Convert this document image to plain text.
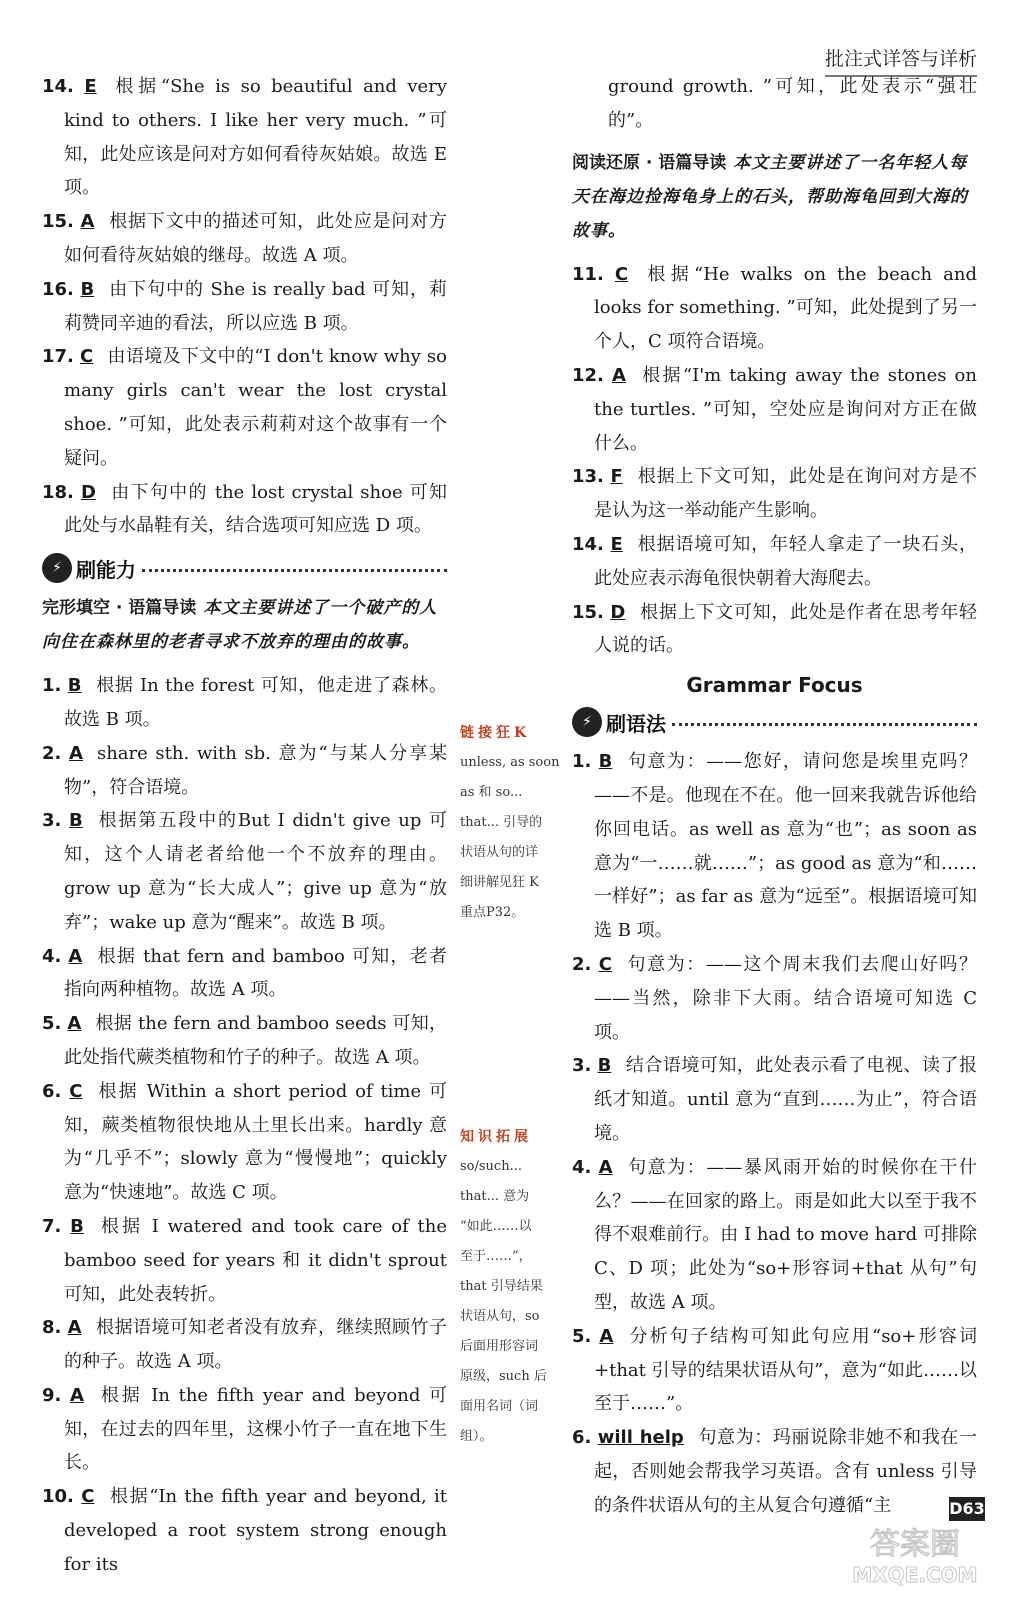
批注式详答与详析

14. E 根据“She is so beautiful and very kind to others. I like her very much. ”可知，此处应该是问对方如何看待灰姑娘。故选 E 项。

15. A 根据下文中的描述可知，此处应是问对方如何看待灰姑娘的继母。故选 A 项。

16. B 由下句中的 She is really bad 可知，莉莉赞同辛迪的看法，所以应选 B 项。

17. C 由语境及下文中的“I don't know why so many girls can't wear the lost crystal shoe. ”可知，此处表示莉莉对这个故事有一个疑问。

18. D 由下句中的 the lost crystal shoe 可知此处与水晶鞋有关，结合选项可知应选 D 项。

⚡ 刷能力

完形填空 · 语篇导读 本文主要讲述了一个破产的人向住在森林里的老者寻求不放弃的理由的故事。

1. B 根据 In the forest 可知，他走进了森林。故选 B 项。

2. A share sth. with sb. 意为“与某人分享某物”，符合语境。

3. B 根据第五段中的But I didn't give up 可知，这个人请老者给他一个不放弃的理由。grow up 意为“长大成人”；give up 意为“放弃”；wake up 意为“醒来”。故选 B 项。

4. A 根据 that fern and bamboo 可知，老者指向两种植物。故选 A 项。

5. A 根据 the fern and bamboo seeds 可知，此处指代蕨类植物和竹子的种子。故选 A 项。

6. C 根据 Within a short period of time 可知，蕨类植物很快地从土里长出来。hardly 意为“几乎不”；slowly 意为“慢慢地”；quickly 意为“快速地”。故选 C 项。

7. B 根据 I watered and took care of the bamboo seed for years 和 it didn't sprout 可知，此处表转折。

8. A 根据语境可知老者没有放弃，继续照顾竹子的种子。故选 A 项。

9. A 根据 In the fifth year and beyond 可知，在过去的四年里，这棵小竹子一直在地下生长。

10. C 根据“In the fifth year and beyond, it developed a root system strong enough for its

链接狂K
unless, as soon
as 和 so...
that... 引导的
状语从句的详
细讲解见狂 K
重点P32。
知识拓展
so/such...
that... 意为
“如此……以
至于……”，
that 引导结果
状语从句，so
后面用形容词
原级，such 后
面用名词（词
组）。

ground growth. ”可知，此处表示“强壮的”。

阅读还原 · 语篇导读 本文主要讲述了一名年轻人每天在海边捡海龟身上的石头，帮助海龟回到大海的故事。

11. C 根据“He walks on the beach and looks for something. ”可知，此处提到了另一个人，C 项符合语境。

12. A 根据“I'm taking away the stones on the turtles. ”可知，空处应是询问对方正在做什么。

13. F 根据上下文可知，此处是在询问对方是不是认为这一举动能产生影响。

14. E 根据语境可知，年轻人拿走了一块石头，此处应表示海龟很快朝着大海爬去。

15. D 根据上下文可知，此处是作者在思考年轻人说的话。

Grammar Focus
⚡ 刷语法

1. B 句意为：——您好，请问您是埃里克吗？——不是。他现在不在。他一回来我就告诉他给你回电话。as well as 意为“也”；as soon as 意为“一……就……”；as good as 意为“和……一样好”；as far as 意为“远至”。根据语境可知选 B 项。

2. C 句意为：——这个周末我们去爬山好吗？——当然，除非下大雨。结合语境可知选 C 项。

3. B 结合语境可知，此处表示看了电视、读了报纸才知道。until 意为“直到……为止”，符合语境。

4. A 句意为：——暴风雨开始的时候你在干什么？——在回家的路上。雨是如此大以至于我不得不艰难前行。由 I had to move hard 可排除 C、D 项；此处为“so+形容词+that 从句”句型，故选 A 项。

5. A 分析句子结构可知此句应用“so+形容词+that 引导的结果状语从句”，意为“如此……以至于……”。

6. will help 句意为：玛丽说除非她不和我在一起，否则她会帮我学习英语。含有 unless 引导的条件状语从句的主从复合句遵循“主	D63
答案圈
MXQE.COM
